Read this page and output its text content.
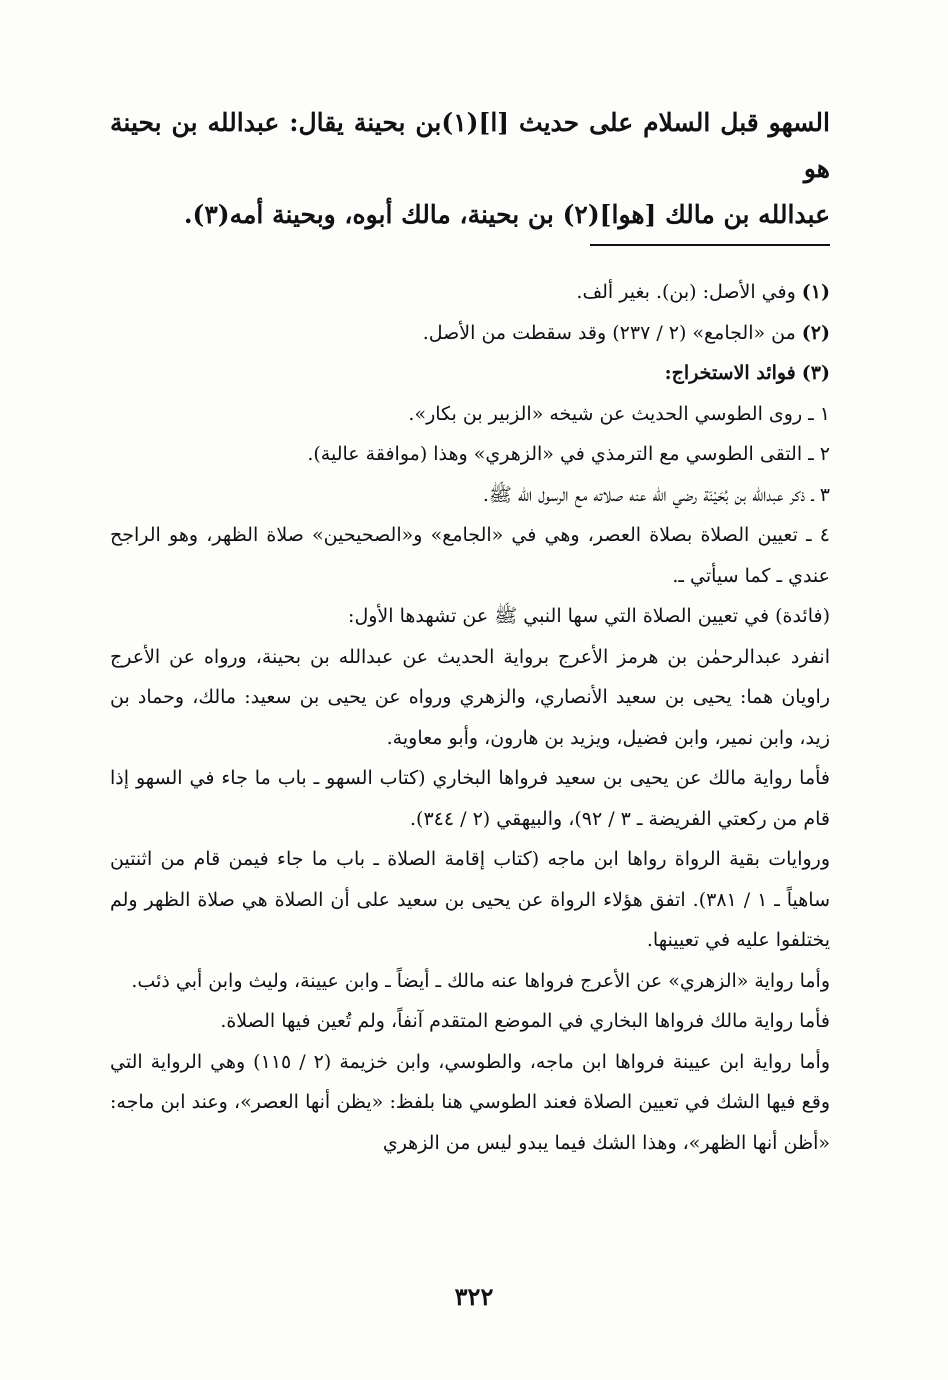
السهو قبل السلام على حديث [ا](١)بن بحينة يقال: عبدالله بن بحينة هو

عبدالله بن مالك [هوا](٢) بن بحينة، مالك أبوه، وبحينة أمه(٣).

(١)وفي الأصل: (بن). بغير ألف.

(٢)من «الجامع» (٢ / ٢٣٧) وقد سقطت من الأصل.

(٣)فوائد الاستخراج:

١ ـ روى الطوسي الحديث عن شيخه «الزبير بن بكار».

٢ ـ التقى الطوسي مع الترمذي في «الزهري» وهذا (موافقة عالية).

٣ ـ ذكر عبدالله بن بُحَيْنَة رضي الله عنه صلاته مع الرسول الله ﷺ.

٤ ـ تعيين الصلاة بصلاة العصر، وهي في «الجامع» و«الصحيحين» صلاة الظهر، وهو الراجح عندي ـ كما سيأتي ـ.

(فائدة) في تعيين الصلاة التي سها النبي ﷺ عن تشهدها الأول:

انفرد عبدالرحمٰن بن هرمز الأعرج برواية الحديث عن عبدالله بن بحينة، ورواه عن الأعرج راويان هما: يحيى بن سعيد الأنصاري، والزهري ورواه عن يحيى بن سعيد: مالك، وحماد بن زيد، وابن نمير، وابن فضيل، ويزيد بن هارون، وأبو معاوية.

فأما رواية مالك عن يحيى بن سعيد فرواها البخاري (كتاب السهو ـ باب ما جاء في السهو إذا قام من ركعتي الفريضة ـ ٣ / ٩٢)، والبيهقي (٢ / ٣٤٤).

وروايات بقية الرواة رواها ابن ماجه (كتاب إقامة الصلاة ـ باب ما جاء فيمن قام من اثنتين ساهياً ـ ١ / ٣٨١). اتفق هؤلاء الرواة عن يحيى بن سعيد على أن الصلاة هي صلاة الظهر ولم يختلفوا عليه في تعيينها.

وأما رواية «الزهري» عن الأعرج فرواها عنه مالك ـ أيضاً ـ وابن عيينة، وليث وابن أبي ذئب.

فأما رواية مالك فرواها البخاري في الموضع المتقدم آنفاً، ولم تُعين فيها الصلاة.

وأما رواية ابن عيينة فرواها ابن ماجه، والطوسي، وابن خزيمة (٢ / ١١٥) وهي الرواية التي وقع فيها الشك في تعيين الصلاة فعند الطوسي هنا بلفظ: «يظن أنها العصر»، وعند ابن ماجه: «أظن أنها الظهر»، وهذا الشك فيما يبدو ليس من الزهري

٣٢٢
